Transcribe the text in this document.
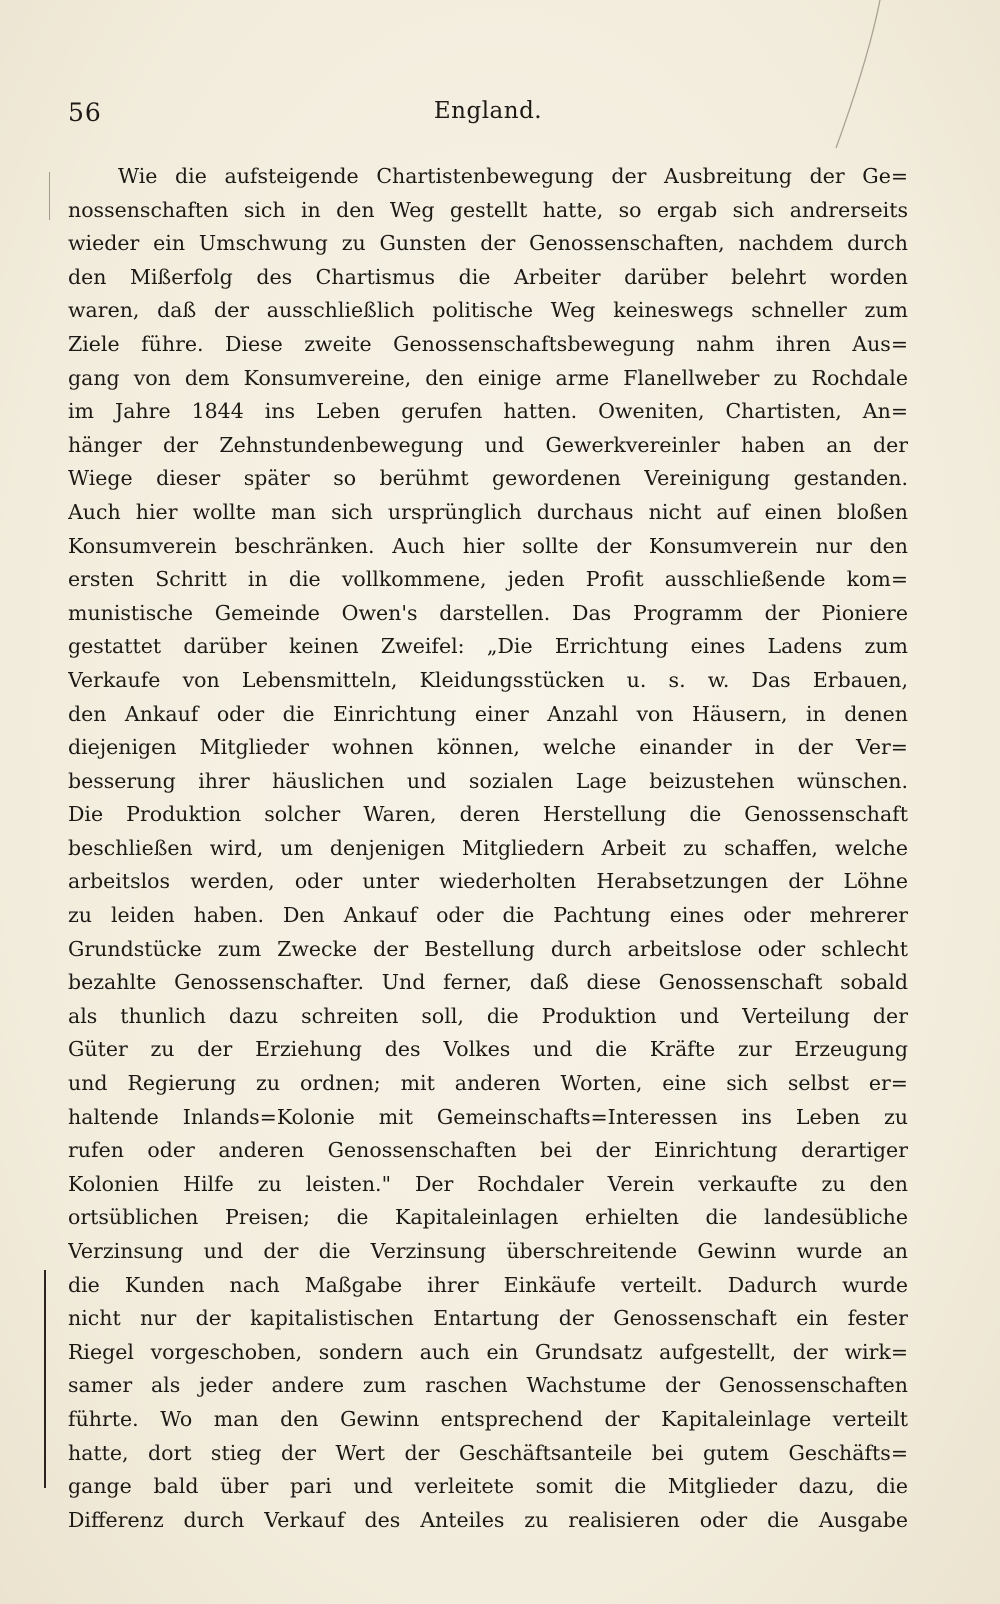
England.
56
Wie die aufsteigende Chartistenbewegung der Ausbreitung der Ge=
nossenschaften sich in den Weg gestellt hatte, so ergab sich andrerseits
wieder ein Umschwung zu Gunsten der Genossenschaften, nachdem durch
den Mißerfolg des Chartismus die Arbeiter darüber belehrt worden
waren, daß der ausschließlich politische Weg keineswegs schneller zum
Ziele führe. Diese zweite Genossenschaftsbewegung nahm ihren Aus=
gang von dem Konsumvereine, den einige arme Flanellweber zu Rochdale
im Jahre 1844 ins Leben gerufen hatten. Oweniten, Chartisten, An=
hänger der Zehnstundenbewegung und Gewerkvereinler haben an der
Wiege dieser später so berühmt gewordenen Vereinigung gestanden.
Auch hier wollte man sich ursprünglich durchaus nicht auf einen bloßen
Konsumverein beschränken. Auch hier sollte der Konsumverein nur den
ersten Schritt in die vollkommene, jeden Profit ausschließende kom=
munistische Gemeinde Owen's darstellen. Das Programm der Pioniere
gestattet darüber keinen Zweifel: „Die Errichtung eines Ladens zum
Verkaufe von Lebensmitteln, Kleidungsstücken u. s. w. Das Erbauen,
den Ankauf oder die Einrichtung einer Anzahl von Häusern, in denen
diejenigen Mitglieder wohnen können, welche einander in der Ver=
besserung ihrer häuslichen und sozialen Lage beizustehen wünschen.
Die Produktion solcher Waren, deren Herstellung die Genossenschaft
beschließen wird, um denjenigen Mitgliedern Arbeit zu schaffen, welche
arbeitslos werden, oder unter wiederholten Herabsetzungen der Löhne
zu leiden haben. Den Ankauf oder die Pachtung eines oder mehrerer
Grundstücke zum Zwecke der Bestellung durch arbeitslose oder schlecht
bezahlte Genossenschafter. Und ferner, daß diese Genossenschaft sobald
als thunlich dazu schreiten soll, die Produktion und Verteilung der
Güter zu der Erziehung des Volkes und die Kräfte zur Erzeugung
und Regierung zu ordnen; mit anderen Worten, eine sich selbst er=
haltende Inlands=Kolonie mit Gemeinschafts=Interessen ins Leben zu
rufen oder anderen Genossenschaften bei der Einrichtung derartiger
Kolonien Hilfe zu leisten." Der Rochdaler Verein verkaufte zu den
ortsüblichen Preisen; die Kapitaleinlagen erhielten die landesübliche
Verzinsung und der die Verzinsung überschreitende Gewinn wurde an
die Kunden nach Maßgabe ihrer Einkäufe verteilt. Dadurch wurde
nicht nur der kapitalistischen Entartung der Genossenschaft ein fester
Riegel vorgeschoben, sondern auch ein Grundsatz aufgestellt, der wirk=
samer als jeder andere zum raschen Wachstume der Genossenschaften
führte. Wo man den Gewinn entsprechend der Kapitaleinlage verteilt
hatte, dort stieg der Wert der Geschäftsanteile bei gutem Geschäfts=
gange bald über pari und verleitete somit die Mitglieder dazu, die
Differenz durch Verkauf des Anteiles zu realisieren oder die Ausgabe
